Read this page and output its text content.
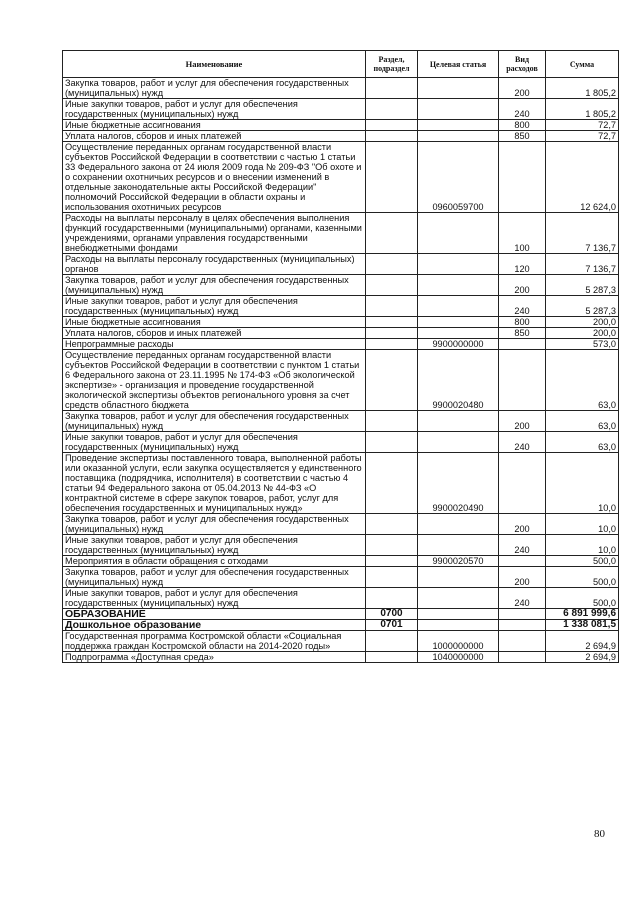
Наименование	Раздел, подраздел	Целевая статья	Вид расходов	Сумма
Закупка товаров, работ и услуг для обеспечения государственных (муниципальных) нужд			200	1 805,2
Иные закупки товаров, работ и услуг для обеспечения государственных (муниципальных) нужд			240	1 805,2
Иные бюджетные ассигнования			800	72,7
Уплата налогов, сборов и иных платежей			850	72,7
Осуществление переданных органам государственной власти субъектов Российской Федерации в соответствии с частью 1 статьи 33 Федерального закона от 24 июля 2009 года № 209-ФЗ "Об охоте и о сохранении охотничьих ресурсов и о внесении изменений в отдельные законодательные акты Российской Федерации" полномочий Российской Федерации в области охраны и использования охотничьих ресурсов		0960059700		12 624,0
Расходы на выплаты персоналу в целях обеспечения выполнения функций государственными (муниципальными) органами, казенными учреждениями, органами управления государственными внебюджетными фондами			100	7 136,7
Расходы на выплаты персоналу государственных (муниципальных) органов			120	7 136,7
Закупка товаров, работ и услуг для обеспечения государственных (муниципальных) нужд			200	5 287,3
Иные закупки товаров, работ и услуг для обеспечения государственных (муниципальных) нужд			240	5 287,3
Иные бюджетные ассигнования			800	200,0
Уплата налогов, сборов и иных платежей			850	200,0
Непрограммные расходы		9900000000		573,0
Осуществление переданных органам государственной власти субъектов Российской Федерации в соответствии с пунктом 1 статьи 6 Федерального закона от 23.11.1995 № 174-ФЗ «Об экологической экспертизе» - организация и проведение государственной экологической экспертизы объектов регионального уровня за счет средств областного бюджета		9900020480		63,0
Закупка товаров, работ и услуг для обеспечения государственных (муниципальных) нужд			200	63,0
Иные закупки товаров, работ и услуг для обеспечения государственных (муниципальных) нужд			240	63,0
Проведение экспертизы поставленного товара, выполненной работы или оказанной услуги, если закупка осуществляется у единственного поставщика (подрядчика, исполнителя) в соответствии с частью 4 статьи 94 Федерального закона от 05.04.2013 № 44-ФЗ «О контрактной системе в сфере закупок товаров, работ, услуг для обеспечения государственных и муниципальных нужд»		9900020490		10,0
Закупка товаров, работ и услуг для обеспечения государственных (муниципальных) нужд			200	10,0
Иные закупки товаров, работ и услуг для обеспечения государственных (муниципальных) нужд			240	10,0
Мероприятия в области обращения с отходами		9900020570		500,0
Закупка товаров, работ и услуг для обеспечения государственных (муниципальных) нужд			200	500,0
Иные закупки товаров, работ и услуг для обеспечения государственных (муниципальных) нужд			240	500,0
ОБРАЗОВАНИЕ	0700			6 891 999,6
Дошкольное образование	0701			1 338 081,5
Государственная программа Костромской области «Социальная поддержка граждан Костромской области на 2014-2020 годы»		1000000000		2 694,9
Подпрограмма «Доступная среда»		1040000000		2 694,9
80
